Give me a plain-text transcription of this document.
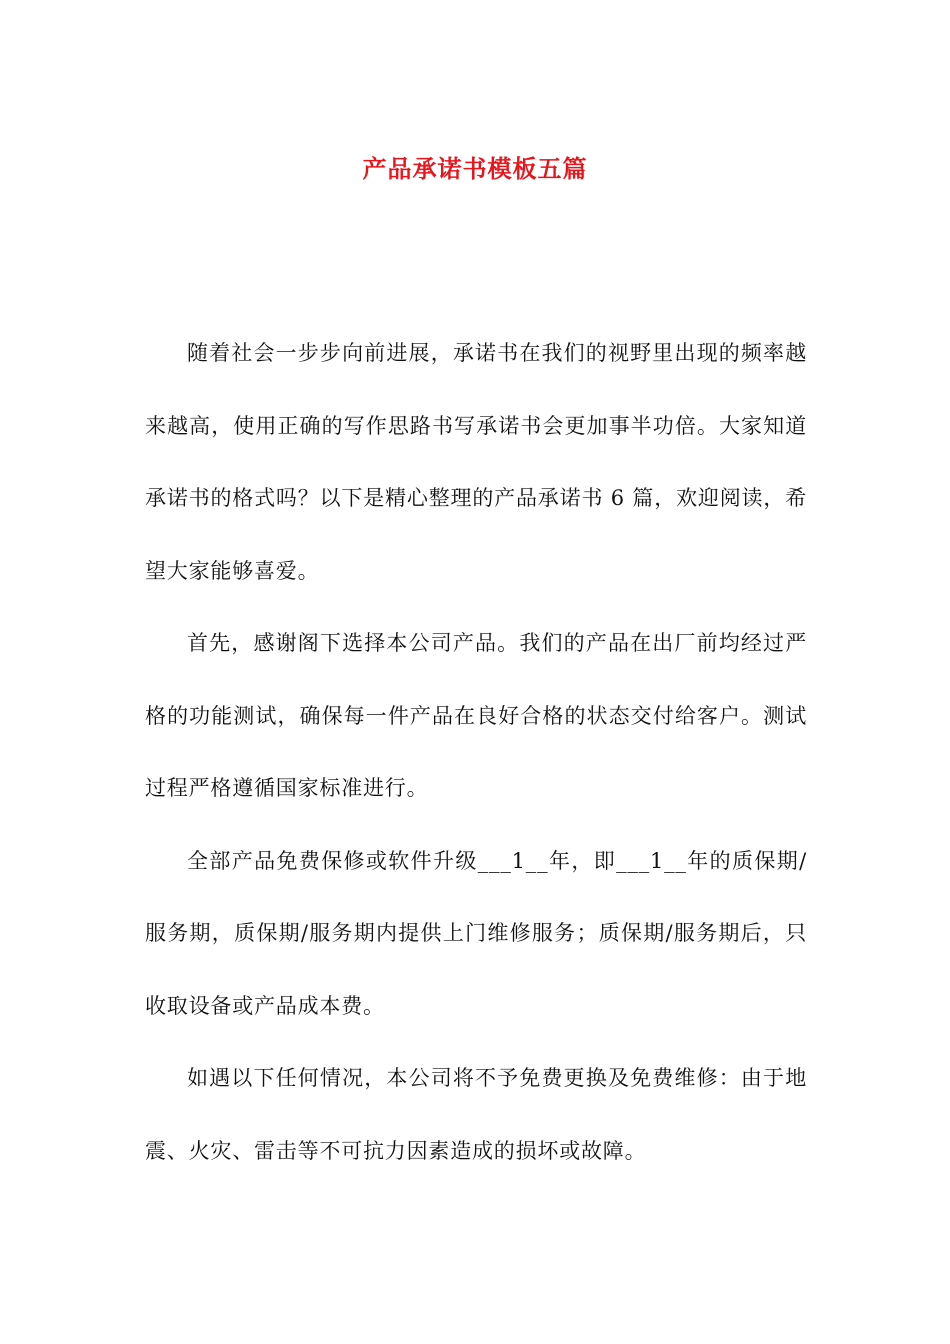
产品承诺书模板五篇

随着社会一步步向前进展，承诺书在我们的视野里出现的频率越来越高，使用正确的写作思路书写承诺书会更加事半功倍。大家知道承诺书的格式吗？以下是精心整理的产品承诺书 6 篇，欢迎阅读，希望大家能够喜爱。

首先，感谢阁下选择本公司产品。我们的产品在出厂前均经过严格的功能测试，确保每一件产品在良好合格的状态交付给客户。测试过程严格遵循国家标准进行。

全部产品免费保修或软件升级___1__年，即___1__年的质保期/服务期，质保期/服务期内提供上门维修服务；质保期/服务期后，只收取设备或产品成本费。

如遇以下任何情况，本公司将不予免费更换及免费维修：由于地震、火灾、雷击等不可抗力因素造成的损坏或故障。
